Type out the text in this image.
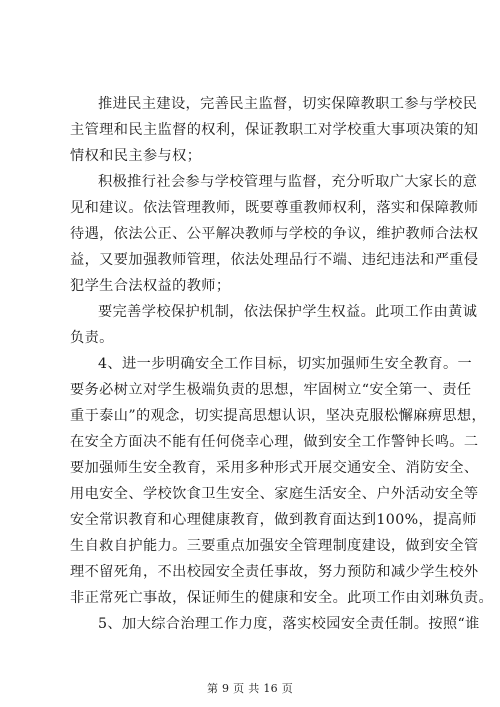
推进民主建设，完善民主监督，切实保障教职工参与学校民
主管理和民主监督的权利，保证教职工对学校重大事项决策的知
情权和民主参与权；
积极推行社会参与学校管理与监督，充分听取广大家长的意
见和建议。依法管理教师，既要尊重教师权利，落实和保障教师
待遇，依法公正、公平解决教师与学校的争议，维护教师合法权
益，又要加强教师管理，依法处理品行不端、违纪违法和严重侵
犯学生合法权益的教师；
要完善学校保护机制，依法保护学生权益。此项工作由黄诚
负责。
4、进一步明确安全工作目标，切实加强师生安全教育。一
要务必树立对学生极端负责的思想，牢固树立“安全第一、责任
重于泰山”的观念，切实提高思想认识，坚决克服松懈麻痹思想，
在安全方面决不能有任何侥幸心理，做到安全工作警钟长鸣。二
要加强师生安全教育，采用多种形式开展交通安全、消防安全、
用电安全、学校饮食卫生安全、家庭生活安全、户外活动安全等
安全常识教育和心理健康教育，做到教育面达到100%，提高师
生自救自护能力。三要重点加强安全管理制度建设，做到安全管
理不留死角，不出校园安全责任事故，努力预防和减少学生校外
非正常死亡事故，保证师生的健康和安全。此项工作由刘琳负责。
5、加大综合治理工作力度，落实校园安全责任制。按照“谁
第 9 页 共 16 页
